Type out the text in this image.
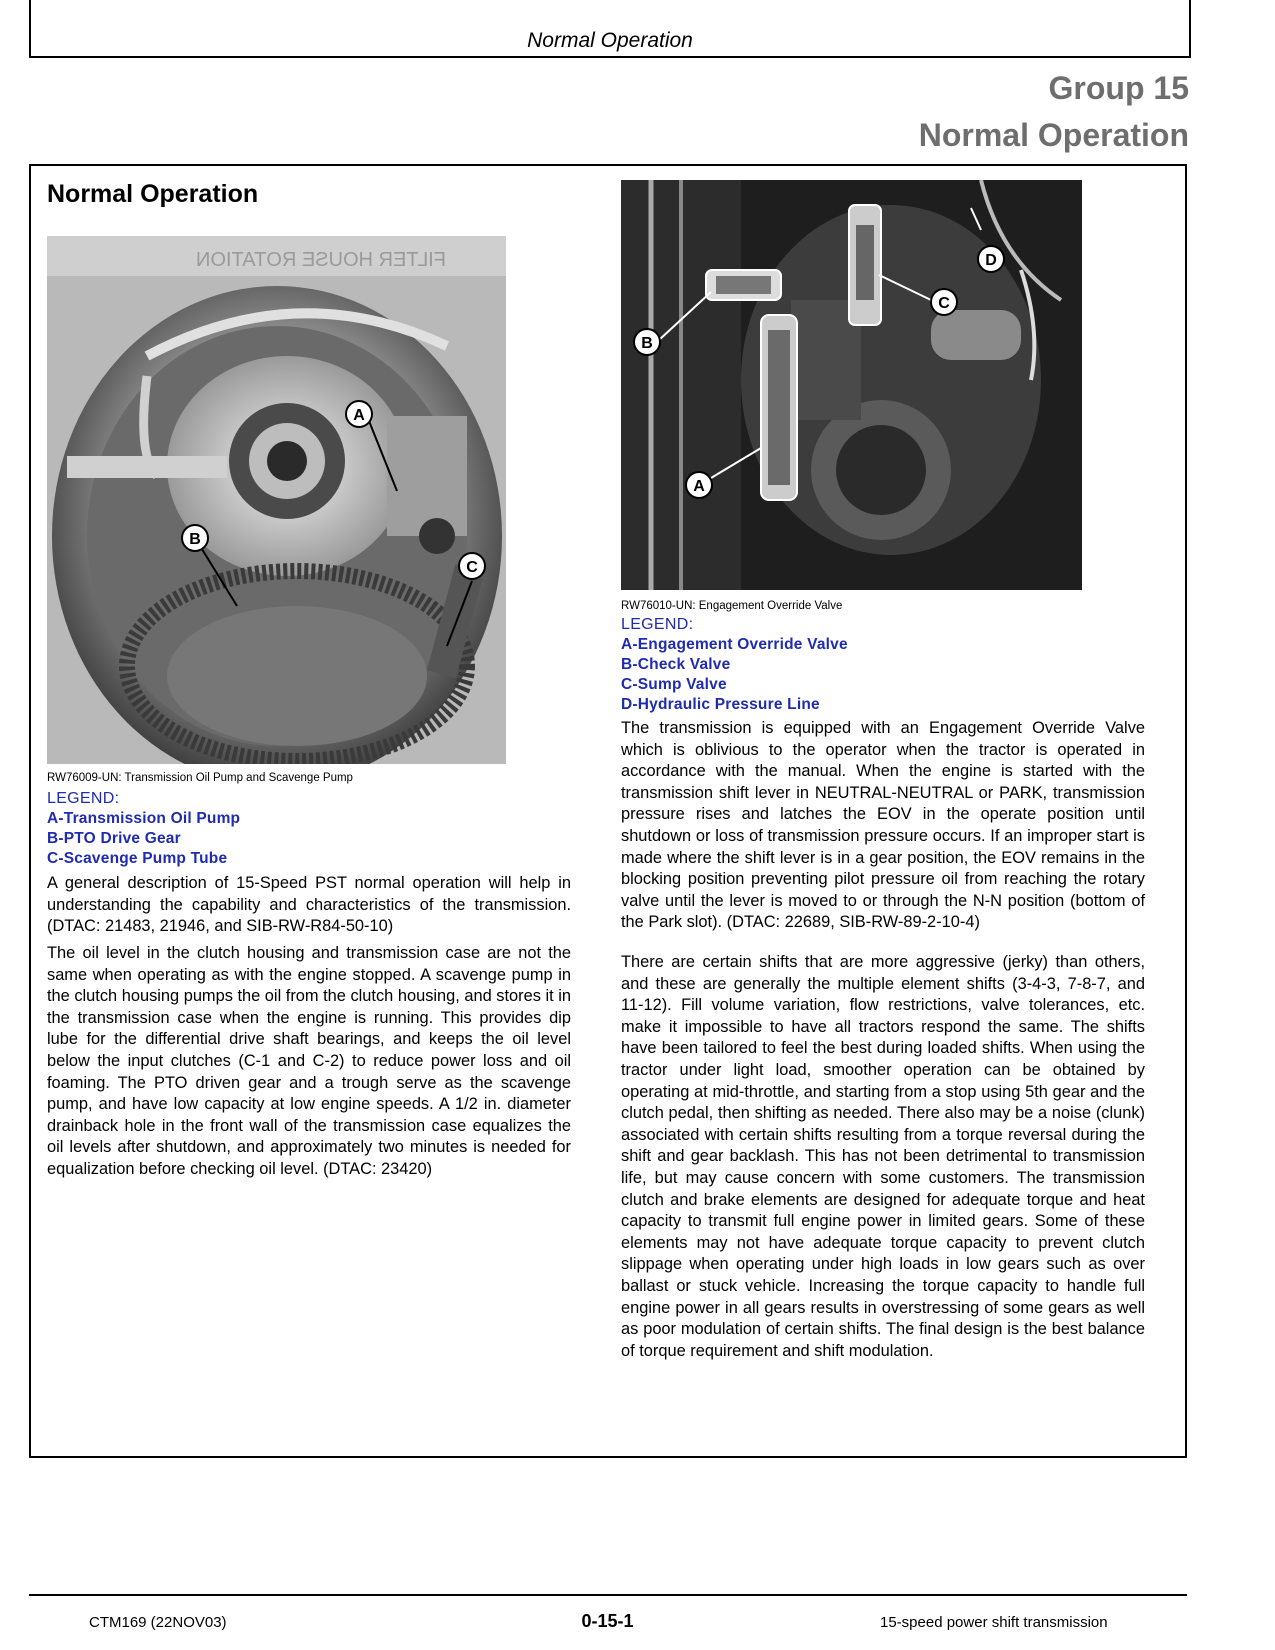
Normal Operation
Group 15
Normal Operation
Normal Operation
FILTER HOUSE ROTATION
A
B
C
RW76009-UN: Transmission Oil Pump and Scavenge Pump
LEGEND:
A-Transmission Oil Pump
B-PTO Drive Gear
C-Scavenge Pump Tube

A general description of 15-Speed PST normal operation will help in understanding the capability and characteristics of the transmission. (DTAC: 21483, 21946, and SIB-RW-R84-50-10)

The oil level in the clutch housing and transmission case are not the same when operating as with the engine stopped. A scavenge pump in the clutch housing pumps the oil from the clutch housing, and stores it in the transmission case when the engine is running. This provides dip lube for the differential drive shaft bearings, and keeps the oil level below the input clutches (C-1 and C-2) to reduce power loss and oil foaming. The PTO driven gear and a trough serve as the scavenge pump, and have low capacity at low engine speeds. A 1/2 in. diameter drainback hole in the front wall of the transmission case equalizes the oil levels after shutdown, and approximately two minutes is needed for equalization before checking oil level. (DTAC: 23420)

A
B
C
D
RW76010-UN: Engagement Override Valve
LEGEND:
A-Engagement Override Valve
B-Check Valve
C-Sump Valve
D-Hydraulic Pressure Line

The transmission is equipped with an Engagement Override Valve which is oblivious to the operator when the tractor is operated in accordance with the manual. When the engine is started with the transmission shift lever in NEUTRAL-NEUTRAL or PARK, transmission pressure rises and latches the EOV in the operate position until shutdown or loss of transmission pressure occurs. If an improper start is made where the shift lever is in a gear position, the EOV remains in the blocking position preventing pilot pressure oil from reaching the rotary valve until the lever is moved to or through the N-N position (bottom of the Park slot). (DTAC: 22689, SIB-RW-89-2-10-4)

There are certain shifts that are more aggressive (jerky) than others, and these are generally the multiple element shifts (3-4-3, 7-8-7, and 11-12). Fill volume variation, flow restrictions, valve tolerances, etc. make it impossible to have all tractors respond the same. The shifts have been tailored to feel the best during loaded shifts. When using the tractor under light load, smoother operation can be obtained by operating at mid-throttle, and starting from a stop using 5th gear and the clutch pedal, then shifting as needed. There also may be a noise (clunk) associated with certain shifts resulting from a torque reversal during the shift and gear backlash. This has not been detrimental to transmission life, but may cause concern with some customers. The transmission clutch and brake elements are designed for adequate torque and heat capacity to transmit full engine power in limited gears. Some of these elements may not have adequate torque capacity to prevent clutch slippage when operating under high loads in low gears such as over ballast or stuck vehicle. Increasing the torque capacity to handle full engine power in all gears results in overstressing of some gears as well as poor modulation of certain shifts. The final design is the best balance of torque requirement and shift modulation.

CTM169 (22NOV03)	0-15-1	15-speed power shift transmission
